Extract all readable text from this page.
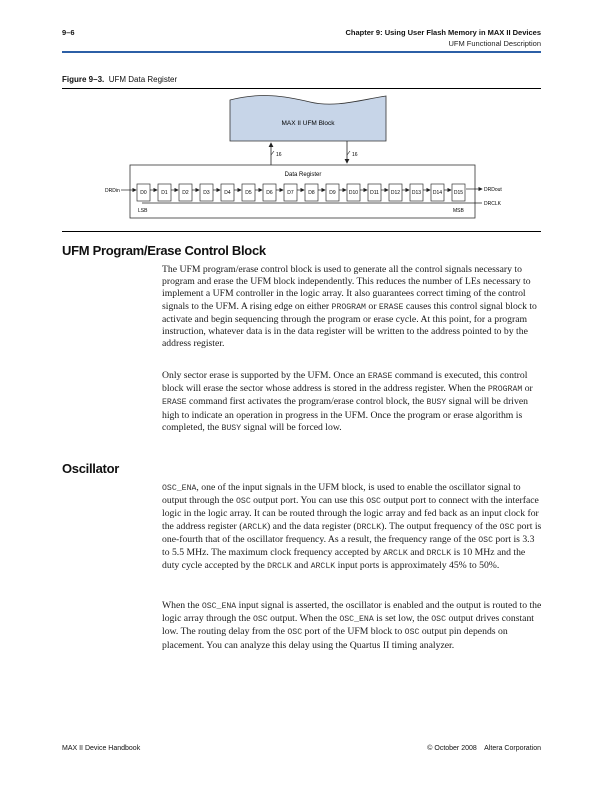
9–6	Chapter 9: Using User Flash Memory in MAX II Devices
UFM Functional Description
Figure 9–3. UFM Data Register
MAX II UFM Block
16	16
Data Register
DRDin	D0	D1	D2	D3	D4	D5	D6	D7	D8	D9	D10 D11 D12 D13 D14 D15	DRDout
DRCLK
LSB	MSB
UFM Program/Erase Control Block
The UFM program/erase control block is used to generate all the control signals necessary to program and erase the UFM block independently. This reduces the number of LEs necessary to implement a UFM controller in the logic array. It also guarantees correct timing of the control signals to the UFM. A rising edge on either PROGRAM or ERASE causes this control signal block to activate and begin sequencing through the program or erase cycle. At this point, for a program instruction, whatever data is in the data register will be written to the address pointed to by the address register.
Only sector erase is supported by the UFM. Once an ERASE command is executed, this control block will erase the sector whose address is stored in the address register. When the PROGRAM or ERASE command first activates the program/erase control block, the BUSY signal will be driven high to indicate an operation in progress in the UFM. Once the program or erase algorithm is completed, the BUSY signal will be forced low.
Oscillator
OSC_ENA, one of the input signals in the UFM block, is used to enable the oscillator signal to output through the OSC output port. You can use this OSC output port to connect with the interface logic in the logic array. It can be routed through the logic array and fed back as an input clock for the address register (ARCLK) and the data register (DRCLK). The output frequency of the OSC port is one-fourth that of the oscillator frequency. As a result, the frequency range of the OSC port is 3.3 to 5.5 MHz. The maximum clock frequency accepted by ARCLK and DRCLK is 10 MHz and the duty cycle accepted by the DRCLK and ARCLK input ports is approximately 45% to 50%.
When the OSC_ENA input signal is asserted, the oscillator is enabled and the output is routed to the logic array through the OSC output. When the OSC_ENA is set low, the OSC output drives constant low. The routing delay from the OSC port of the UFM block to OSC output pin depends on placement. You can analyze this delay using the Quartus II timing analyzer.
MAX II Device Handbook	© October 2008    Altera Corporation
